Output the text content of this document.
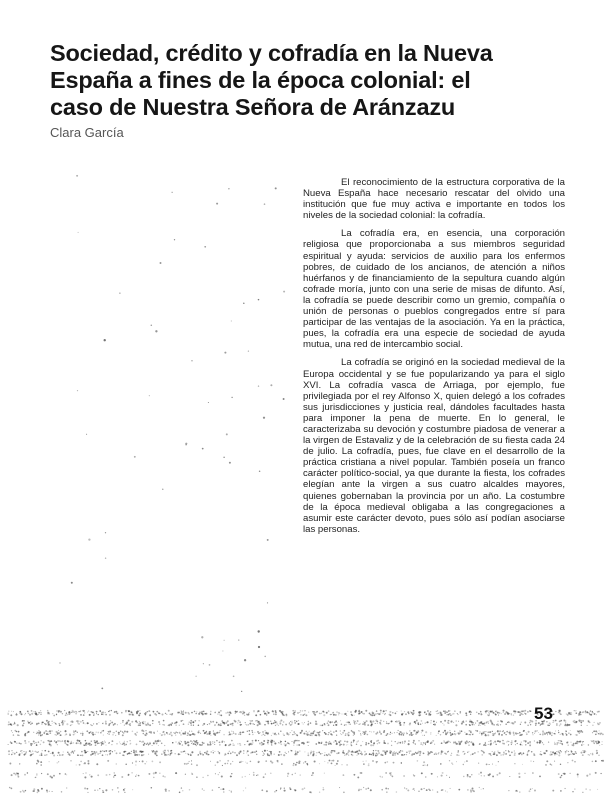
Sociedad, crédito y cofradía en la Nueva
España a fines de la época colonial: el
caso de Nuestra Señora de Aránzazu

Clara García

El reconocimiento de la estructura corporativa de la Nueva España hace necesario rescatar del olvido una institución que fue muy activa e importante en todos los niveles de la sociedad colonial: la cofradía.

La cofradía era, en esencia, una corporación religiosa que proporcionaba a sus miembros seguridad espiritual y ayuda: servicios de auxilio para los enfermos pobres, de cuidado de los ancianos, de atención a niños huérfanos y de financiamiento de la sepultura cuando algún cofrade moría, junto con una serie de misas de difunto. Así, la cofradía se puede describir como un gremio, compañía o unión de personas o pueblos congregados entre sí para participar de las ventajas de la asociación. Ya en la práctica, pues, la cofradía era una especie de sociedad de ayuda mutua, una red de intercambio social.

La cofradía se originó en la sociedad medieval de la Europa occidental y se fue popularizando ya para el siglo XVI. La cofradía vasca de Arriaga, por ejemplo, fue privilegiada por el rey Alfonso X, quien delegó a los cofrades sus jurisdicciones y justicia real, dándoles facultades hasta para imponer la pena de muerte. En lo general, le caracterizaba su devoción y costumbre piadosa de venerar a la virgen de Estavaliz y de la celebración de su fiesta cada 24 de julio. La cofradía, pues, fue clave en el desarrollo de la práctica cristiana a nivel popular. También poseía un franco carácter político-social, ya que durante la fiesta, los cofrades elegían ante la virgen a sus cuatro alcaldes mayores, quienes gobernaban la provincia por un año. La costumbre de la época medieval obligaba a las congregaciones a asumir este carácter devoto, pues sólo así podían asociarse las personas.

53
